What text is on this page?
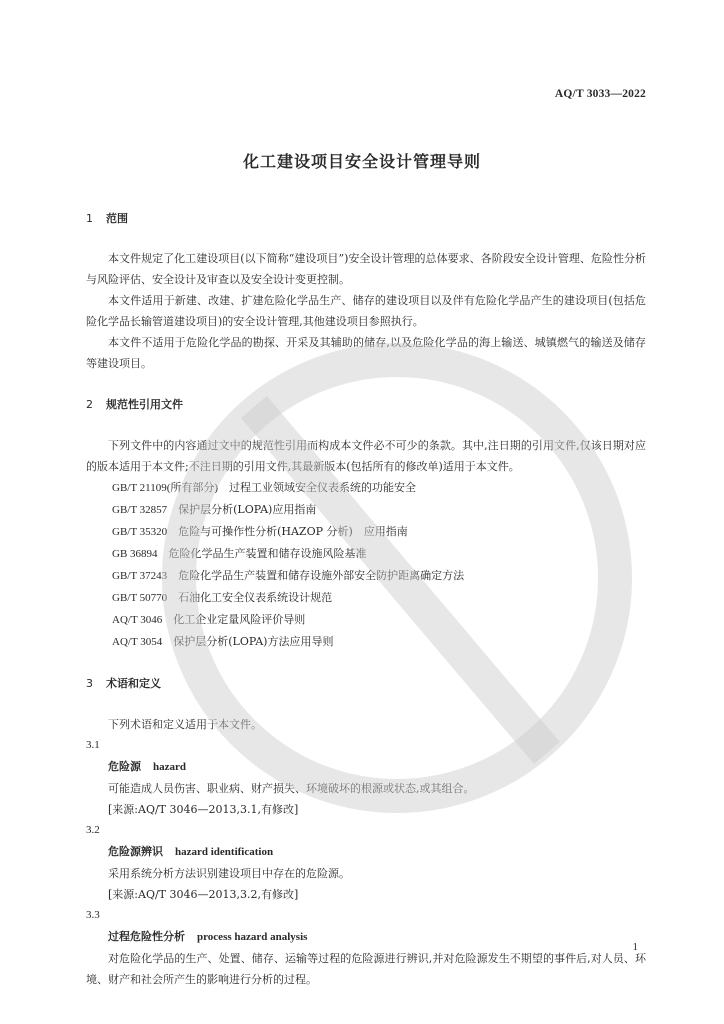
AQ/T 3033—2022
化工建设项目安全设计管理导则
1 范围

本文件规定了化工建设项目(以下简称“建设项目”)安全设计管理的总体要求、各阶段安全设计管理、危险性分析与风险评估、安全设计及审查以及安全设计变更控制。

本文件适用于新建、改建、扩建危险化学品生产、储存的建设项目以及伴有危险化学品产生的建设项目(包括危险化学品长输管道建设项目)的安全设计管理,其他建设项目参照执行。

本文件不适用于危险化学品的勘探、开采及其辅助的储存,以及危险化学品的海上输送、城镇燃气的输送及储存等建设项目。

2 规范性引用文件

下列文件中的内容通过文中的规范性引用而构成本文件必不可少的条款。其中,注日期的引用文件,仅该日期对应的版本适用于本文件;不注日期的引用文件,其最新版本(包括所有的修改单)适用于本文件。

GB/T 21109(所有部分)　 过程工业领域安全仪表系统的功能安全
GB/T 32857　 保护层分析(LOPA)应用指南
GB/T 35320　 危险与可操作性分析(HAZOP 分析)　应用指南
GB 36894　 危险化学品生产装置和储存设施风险基准
GB/T 37243　 危险化学品生产装置和储存设施外部安全防护距离确定方法
GB/T 50770　 石油化工安全仪表系统设计规范
AQ/T 3046　 化工企业定量风险评价导则
AQ/T 3054　 保护层分析(LOPA)方法应用导则
3 术语和定义

下列术语和定义适用于本文件。

3.1
危险源 hazard
可能造成人员伤害、职业病、财产损失、环境破坏的根源或状态,或其组合。
[来源:AQ/T 3046—2013,3.1,有修改]
3.2
危险源辨识 hazard identification
采用系统分析方法识别建设项目中存在的危险源。
[来源:AQ/T 3046—2013,3.2,有修改]
3.3
过程危险性分析 process hazard analysis

对危险化学品的生产、处置、储存、运输等过程的危险源进行辨识,并对危险源发生不期望的事件后,对人员、环境、财产和社会所产生的影响进行分析的过程。

1
